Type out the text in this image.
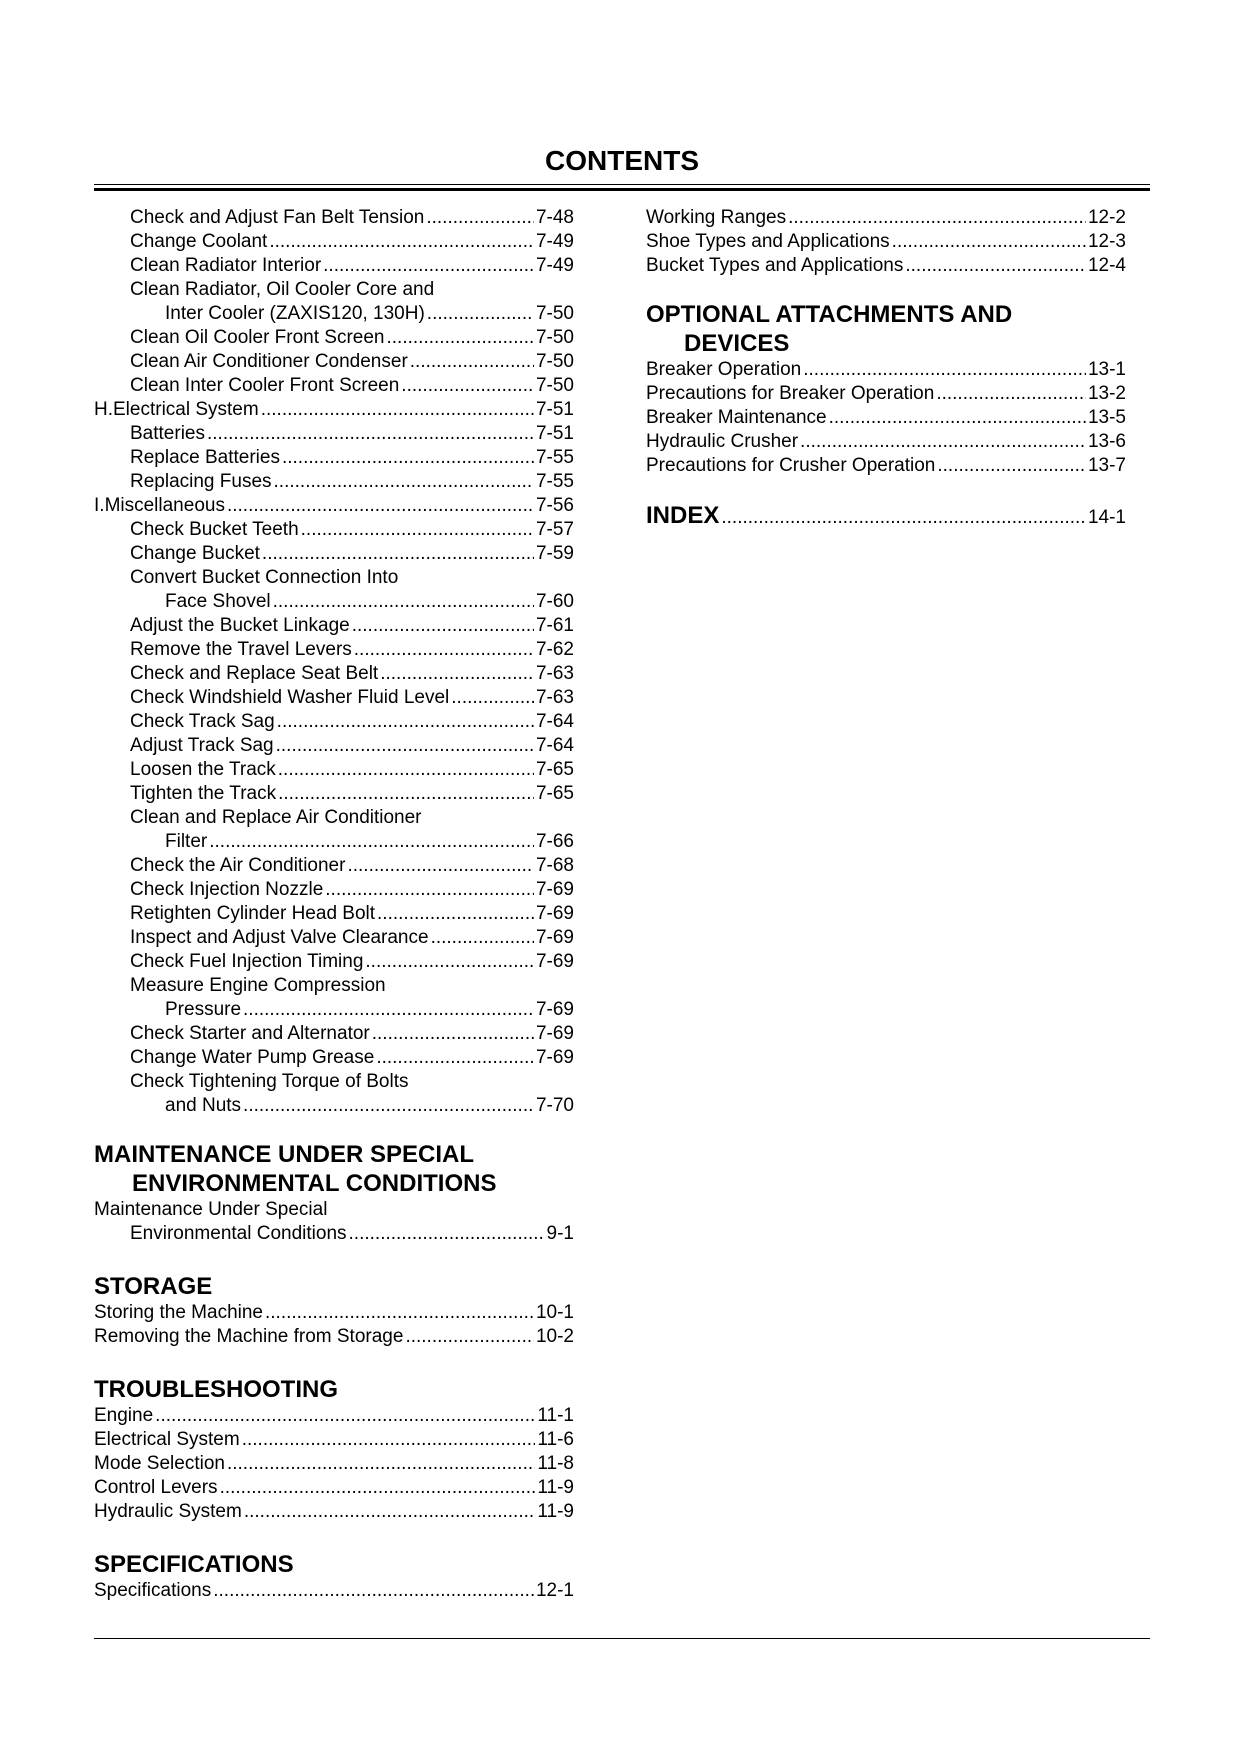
CONTENTS
Check and Adjust Fan Belt Tension .....	7-48
Change Coolant .....	7-49
Clean Radiator Interior .....	7-49
Clean Radiator, Oil Cooler Core and
Inter Cooler (ZAXIS120, 130H) .....	7-50
Clean Oil Cooler Front Screen .....	7-50
Clean Air Conditioner Condenser .....	7-50
Clean Inter Cooler Front Screen .....	7-50
H. Electrical System .....	7-51
Batteries .....	7-51
Replace Batteries .....	7-55
Replacing Fuses .....	7-55
I. Miscellaneous .....	7-56
Check Bucket Teeth .....	7-57
Change Bucket .....	7-59
Convert Bucket Connection Into
Face Shovel .....	7-60
Adjust the Bucket Linkage .....	7-61
Remove the Travel Levers .....	7-62
Check and Replace Seat Belt .....	7-63
Check Windshield Washer Fluid Level .....	7-63
Check Track Sag .....	7-64
Adjust Track Sag .....	7-64
Loosen the Track .....	7-65
Tighten the Track .....	7-65
Clean and Replace Air Conditioner
Filter .....	7-66
Check the Air Conditioner .....	7-68
Check Injection Nozzle .....	7-69
Retighten Cylinder Head Bolt .....	7-69
Inspect and Adjust Valve Clearance .....	7-69
Check Fuel Injection Timing .....	7-69
Measure Engine Compression
Pressure .....	7-69
Check Starter and Alternator .....	7-69
Change Water Pump Grease .....	7-69
Check Tightening Torque of Bolts
and Nuts .....	7-70
MAINTENANCE UNDER SPECIAL
ENVIRONMENTAL CONDITIONS
Maintenance Under Special
Environmental Conditions .....	9-1
STORAGE
Storing the Machine .....	10-1
Removing the Machine from Storage .....	10-2
TROUBLESHOOTING
Engine .....	11-1
Electrical System .....	11-6
Mode Selection .....	11-8
Control Levers .....	11-9
Hydraulic System .....	11-9
SPECIFICATIONS
Specifications .....	12-1
Working Ranges .....	12-2
Shoe Types and Applications .....	12-3
Bucket Types and Applications .....	12-4
OPTIONAL ATTACHMENTS AND
DEVICES
Breaker Operation .....	13-1
Precautions for Breaker Operation .....	13-2
Breaker Maintenance .....	13-5
Hydraulic Crusher .....	13-6
Precautions for Crusher Operation .....	13-7
INDEX .....	14-1
